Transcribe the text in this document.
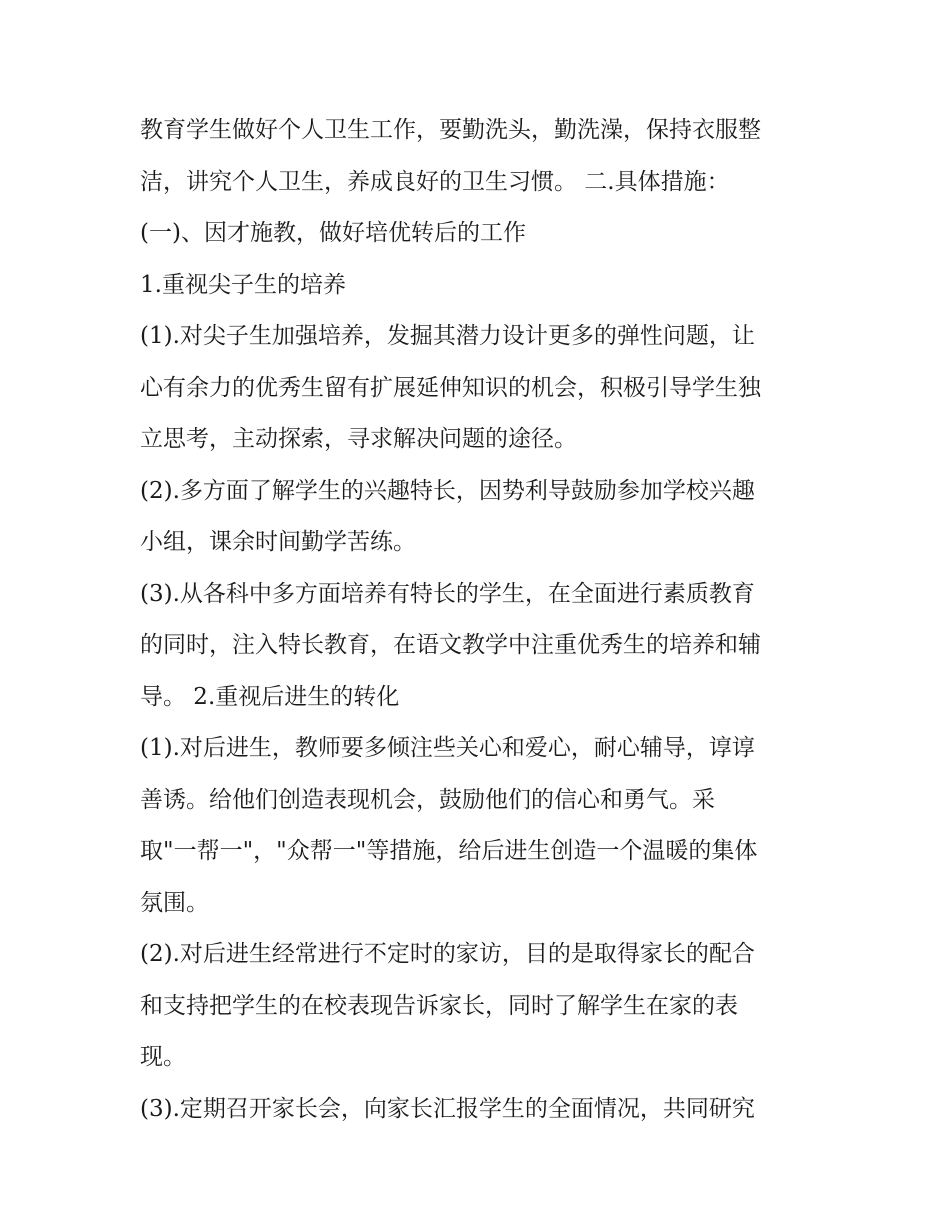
教育学生做好个人卫生工作，要勤洗头，勤洗澡，保持衣服整
洁，讲究个人卫生，养成良好的卫生习惯。 二.具体措施：
(一)、因才施教，做好培优转后的工作
1.重视尖子生的培养
(1).对尖子生加强培养，发掘其潜力设计更多的弹性问题，让
心有余力的优秀生留有扩展延伸知识的机会，积极引导学生独
立思考，主动探索，寻求解决问题的途径。
(2).多方面了解学生的兴趣特长，因势利导鼓励参加学校兴趣
小组，课余时间勤学苦练。
(3).从各科中多方面培养有特长的学生，在全面进行素质教育
的同时，注入特长教育，在语文教学中注重优秀生的培养和辅
导。 2.重视后进生的转化
(1).对后进生，教师要多倾注些关心和爱心，耐心辅导，谆谆
善诱。给他们创造表现机会，鼓励他们的信心和勇气。采
取"一帮一"，"众帮一"等措施，给后进生创造一个温暖的集体
氛围。
(2).对后进生经常进行不定时的家访，目的是取得家长的配合
和支持把学生的在校表现告诉家长，同时了解学生在家的表
现。
(3).定期召开家长会，向家长汇报学生的全面情况，共同研究
